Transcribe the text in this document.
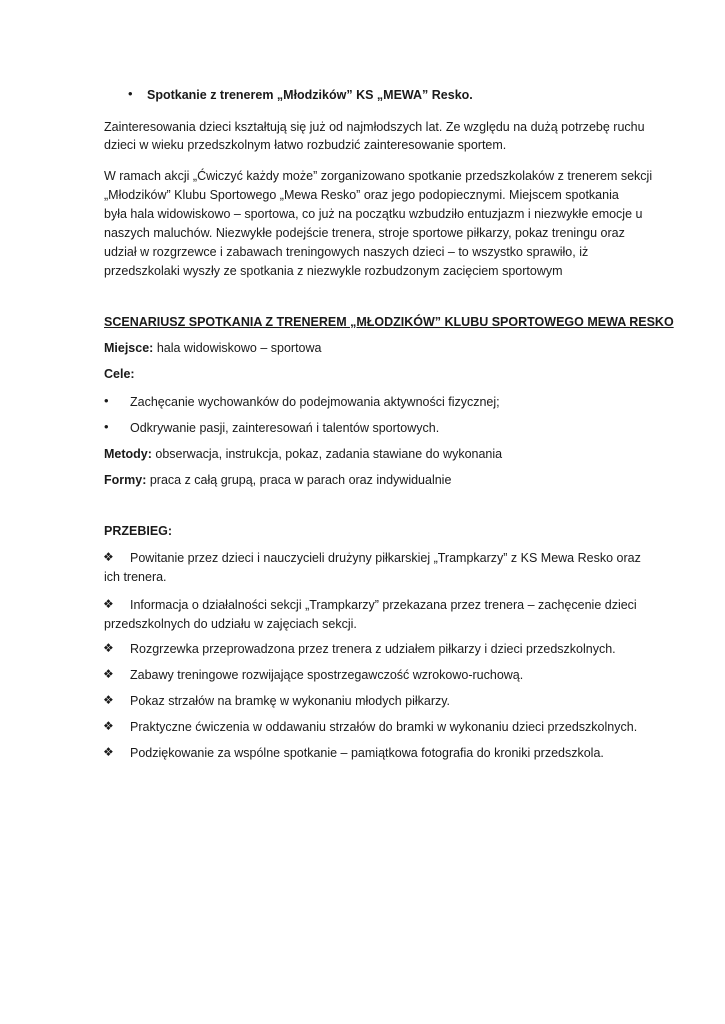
• Spotkanie z trenerem „Młodzików” KS „MEWA” Resko.
Zainteresowania dzieci kształtują się już od najmłodszych lat. Ze względu na dużą potrzebę ruchu
dzieci w wieku przedszkolnym łatwo rozbudzić zainteresowanie sportem.
W ramach akcji „Ćwiczyć każdy może” zorganizowano spotkanie przedszkolaków z trenerem sekcji
„Młodzików” Klubu Sportowego „Mewa Resko” oraz jego podopiecznymi. Miejscem spotkania
była hala widowiskowo – sportowa, co już na początku wzbudziło entuzjazm i niezwykłe emocje u
naszych maluchów. Niezwykłe podejście trenera, stroje sportowe piłkarzy, pokaz treningu oraz
udział w rozgrzewce i zabawach treningowych naszych dzieci – to wszystko sprawiło, iż
przedszkolaki wyszły ze spotkania z niezwykle rozbudzonym zacięciem sportowym
SCENARIUSZ SPOTKANIA Z TRENEREM „MŁODZIKÓW” KLUBU SPORTOWEGO MEWA RESKO
Miejsce: hala widowiskowo – sportowa
Cele:
• Zachęcanie wychowanków do podejmowania aktywności fizycznej;
• Odkrywanie pasji, zainteresowań i talentów sportowych.
Metody: obserwacja, instrukcja, pokaz, zadania stawiane do wykonania
Formy: praca z całą grupą, praca w parach oraz indywidualnie
PRZEBIEG:
❖ Powitanie przez dzieci i nauczycieli drużyny piłkarskiej „Trampkarzy” z KS Mewa Resko oraz
ich trenera.
❖ Informacja o działalności sekcji „Trampkarzy” przekazana przez trenera – zachęcenie dzieci
przedszkolnych do udziału w zajęciach sekcji.
❖ Rozgrzewka przeprowadzona przez trenera z udziałem piłkarzy i dzieci przedszkolnych.
❖ Zabawy treningowe rozwijające spostrzegawczość wzrokowo-ruchową.
❖ Pokaz strzałów na bramkę w wykonaniu młodych piłkarzy.
❖ Praktyczne ćwiczenia w oddawaniu strzałów do bramki w wykonaniu dzieci przedszkolnych.
❖ Podziękowanie za wspólne spotkanie – pamiątkowa fotografia do kroniki przedszkola.
